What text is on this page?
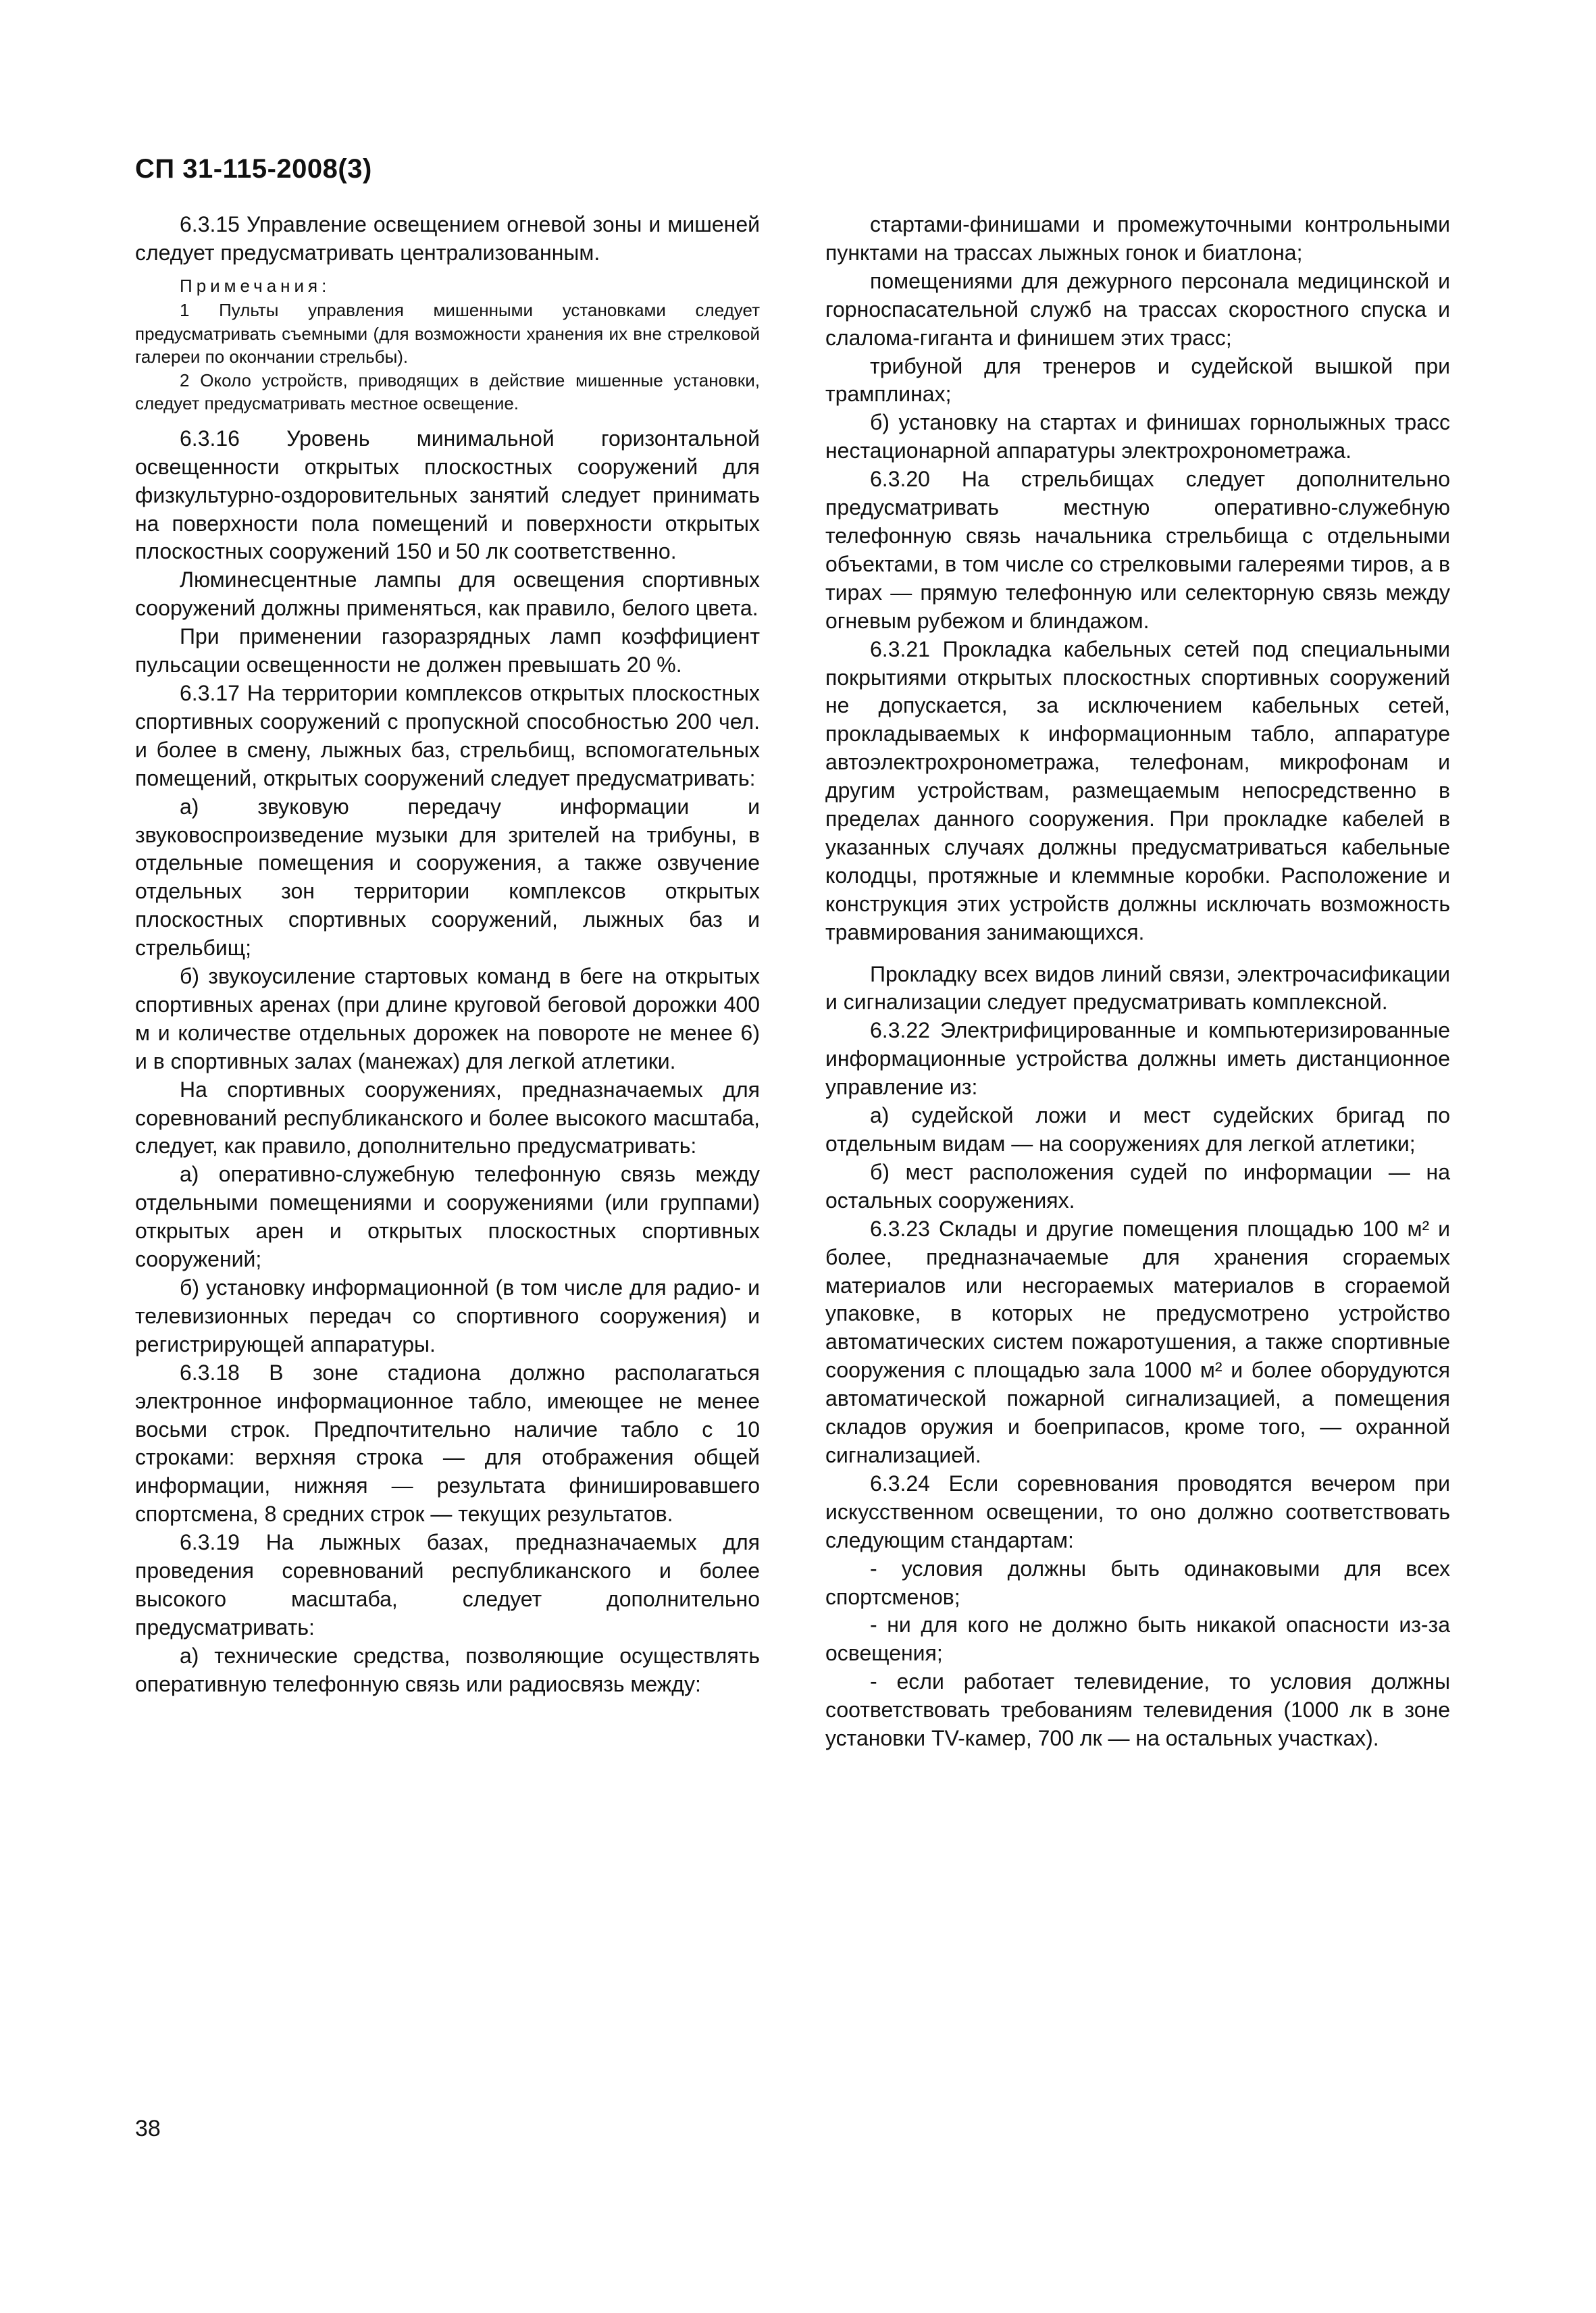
СП 31-115-2008(3)

6.3.15 Управление освещением огневой зоны и мишеней следует предусматривать централизованным.

Примечания:
1 Пульты управления мишенными установками следует предусматривать съемными (для возможности хранения их вне стрелковой галереи по окончании стрельбы).
2 Около устройств, приводящих в действие мишенные установки, следует предусматривать местное освещение.

6.3.16 Уровень минимальной горизонтальной освещенности открытых плоскостных сооружений для физкультурно-оздоровительных занятий следует принимать на поверхности пола помещений и поверхности открытых плоскостных сооружений 150 и 50 лк соответственно.

Люминесцентные лампы для освещения спортивных сооружений должны применяться, как правило, белого цвета.

При применении газоразрядных ламп коэффициент пульсации освещенности не должен превышать 20 %.

6.3.17 На территории комплексов открытых плоскостных спортивных сооружений с пропускной способностью 200 чел. и более в смену, лыжных баз, стрельбищ, вспомогательных помещений, открытых сооружений следует предусматривать:

а) звуковую передачу информации и звуковоспроизведение музыки для зрителей на трибуны, в отдельные помещения и сооружения, а также озвучение отдельных зон территории комплексов открытых плоскостных спортивных сооружений, лыжных баз и стрельбищ;

б) звукоусиление стартовых команд в беге на открытых спортивных аренах (при длине круговой беговой дорожки 400 м и количестве отдельных дорожек на повороте не менее 6) и в спортивных залах (манежах) для легкой атлетики.

На спортивных сооружениях, предназначаемых для соревнований республиканского и более высокого масштаба, следует, как правило, дополнительно предусматривать:

а) оперативно-служебную телефонную связь между отдельными помещениями и сооружениями (или группами) открытых арен и открытых плоскостных спортивных сооружений;

б) установку информационной (в том числе для радио- и телевизионных передач со спортивного сооружения) и регистрирующей аппаратуры.

6.3.18 В зоне стадиона должно располагаться электронное информационное табло, имеющее не менее восьми строк. Предпочтительно наличие табло с 10 строками: верхняя строка — для отображения общей информации, нижняя — результата финишировавшего спортсмена, 8 средних строк — текущих результатов.

6.3.19 На лыжных базах, предназначаемых для проведения соревнований республиканского и более высокого масштаба, следует дополнительно предусматривать:

а) технические средства, позволяющие осуществлять оперативную телефонную связь или радиосвязь между:

стартами-финишами и промежуточными контрольными пунктами на трассах лыжных гонок и биатлона;

помещениями для дежурного персонала медицинской и горноспасательной служб на трассах скоростного спуска и слалома-гиганта и финишем этих трасс;

трибуной для тренеров и судейской вышкой при трамплинах;

б) установку на стартах и финишах горнолыжных трасс нестационарной аппаратуры электрохронометража.

6.3.20 На стрельбищах следует дополнительно предусматривать местную оперативно-служебную телефонную связь начальника стрельбища с отдельными объектами, в том числе со стрелковыми галереями тиров, а в тирах — прямую телефонную или селекторную связь между огневым рубежом и блиндажом.

6.3.21 Прокладка кабельных сетей под специальными покрытиями открытых плоскостных спортивных сооружений не допускается, за исключением кабельных сетей, прокладываемых к информационным табло, аппаратуре автоэлектрохронометража, телефонам, микрофонам и другим устройствам, размещаемым непосредственно в пределах данного сооружения. При прокладке кабелей в указанных случаях должны предусматриваться кабельные колодцы, протяжные и клеммные коробки. Расположение и конструкция этих устройств должны исключать возможность травмирования занимающихся.

Прокладку всех видов линий связи, электрочасификации и сигнализации следует предусматривать комплексной.

6.3.22 Электрифицированные и компьютеризированные информационные устройства должны иметь дистанционное управление из:

а) судейской ложи и мест судейских бригад по отдельным видам — на сооружениях для легкой атлетики;

б) мест расположения судей по информации — на остальных сооружениях.

6.3.23 Склады и другие помещения площадью 100 м² и более, предназначаемые для хранения сгораемых материалов или несгораемых материалов в сгораемой упаковке, в которых не предусмотрено устройство автоматических систем пожаротушения, а также спортивные сооружения с площадью зала 1000 м² и более оборудуются автоматической пожарной сигнализацией, а помещения складов оружия и боеприпасов, кроме того, — охранной сигнализацией.

6.3.24 Если соревнования проводятся вечером при искусственном освещении, то оно должно соответствовать следующим стандартам:

- условия должны быть одинаковыми для всех спортсменов;

- ни для кого не должно быть никакой опасности из-за освещения;

- если работает телевидение, то условия должны соответствовать требованиям телевидения (1000 лк в зоне установки TV-камер, 700 лк — на остальных участках).

38
